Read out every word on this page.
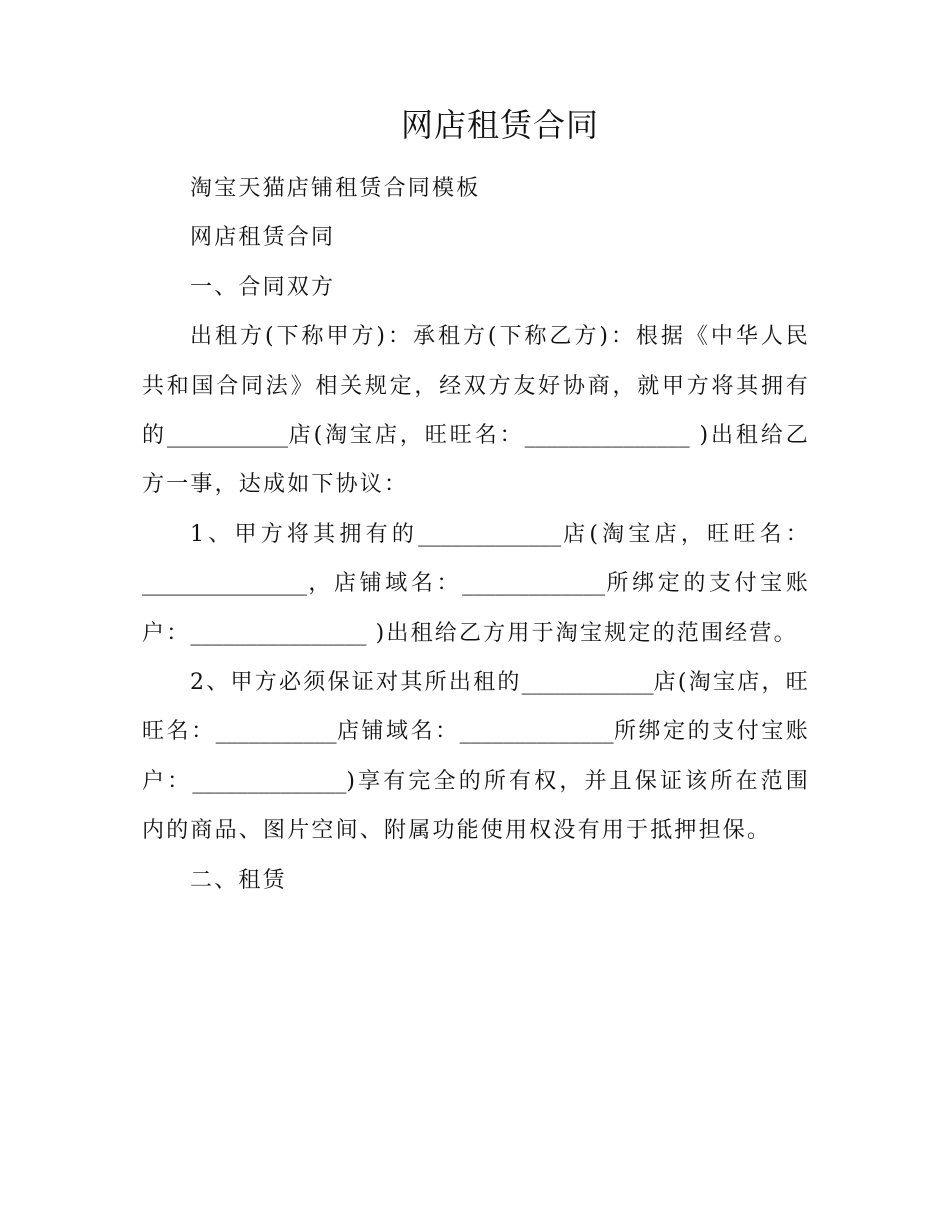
网店租赁合同

淘宝天猫店铺租赁合同模板

网店租赁合同

一、合同双方

出租方(下称甲方)：承租方(下称乙方)：根据《中华人民共和国合同法》相关规定，经双方友好协商，就甲方将其拥有的___________店(淘宝店，旺旺名：_______________ )出租给乙方一事，达成如下协议：

1、甲方将其拥有的_____________店(淘宝店，旺旺名：_______________，店铺域名：_____________所绑定的支付宝账户：________________ )出租给乙方用于淘宝规定的范围经营。

2、甲方必须保证对其所出租的____________店(淘宝店，旺旺名：___________店铺域名：______________所绑定的支付宝账户：______________)享有完全的所有权，并且保证该所在范围内的商品、图片空间、附属功能使用权没有用于抵押担保。

二、租赁
